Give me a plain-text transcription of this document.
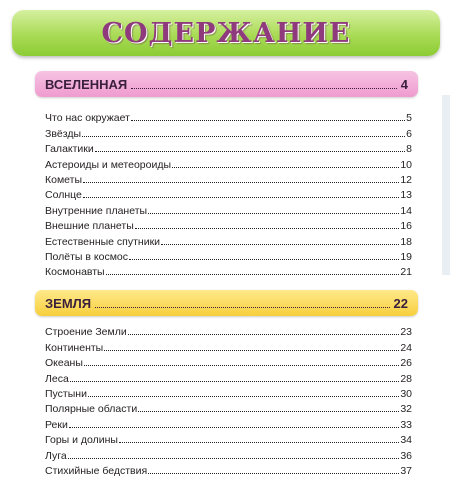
СОДЕРЖАНИЕ
ВСЕЛЕННАЯ	4
Что нас окружает	5
Звёзды	6
Галактики	8
Астероиды и метеороиды	10
Кометы	12
Солнце	13
Внутренние планеты	14
Внешние планеты	16
Естественные спутники	18
Полёты в космос	19
Космонавты	21
ЗЕМЛЯ	22
Строение Земли	23
Континенты	24
Океаны	26
Леса	28
Пустыни	30
Полярные области	32
Реки	33
Горы и долины	34
Луга	36
Стихийные бедствия	37
